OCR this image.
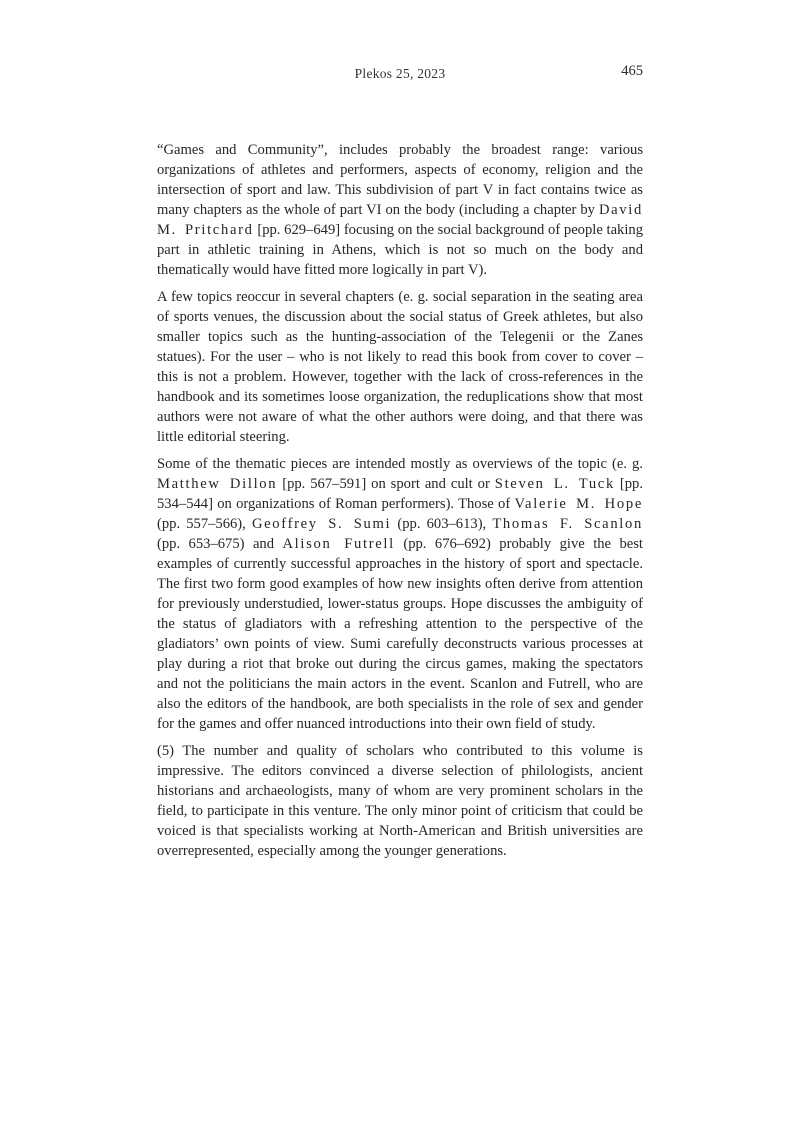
Plekos 25, 2023	465

“Games and Community”, includes probably the broadest range: various organizations of athletes and performers, aspects of economy, religion and the intersection of sport and law. This subdivision of part V in fact contains twice as many chapters as the whole of part VI on the body (including a chapter by David M. Pritchard [pp. 629–649] focusing on the social background of people taking part in athletic training in Athens, which is not so much on the body and thematically would have fitted more logically in part V).

A few topics reoccur in several chapters (e. g. social separation in the seating area of sports venues, the discussion about the social status of Greek athletes, but also smaller topics such as the hunting-association of the Telegenii or the Zanes statues). For the user – who is not likely to read this book from cover to cover – this is not a problem. However, together with the lack of cross-references in the handbook and its sometimes loose organization, the reduplications show that most authors were not aware of what the other authors were doing, and that there was little editorial steering.

Some of the thematic pieces are intended mostly as overviews of the topic (e. g. Matthew Dillon [pp. 567–591] on sport and cult or Steven L. Tuck [pp. 534–544] on organizations of Roman performers). Those of Valerie M. Hope (pp. 557–566), Geoffrey S. Sumi (pp. 603–613), Thomas F. Scanlon (pp. 653–675) and Alison Futrell (pp. 676–692) probably give the best examples of currently successful approaches in the history of sport and spectacle. The first two form good examples of how new insights often derive from attention for previously understudied, lower-status groups. Hope discusses the ambiguity of the status of gladiators with a refreshing attention to the perspective of the gladiators’ own points of view. Sumi carefully deconstructs various processes at play during a riot that broke out during the circus games, making the spectators and not the politicians the main actors in the event. Scanlon and Futrell, who are also the editors of the handbook, are both specialists in the role of sex and gender for the games and offer nuanced introductions into their own field of study.

(5) The number and quality of scholars who contributed to this volume is impressive. The editors convinced a diverse selection of philologists, ancient historians and archaeologists, many of whom are very prominent scholars in the field, to participate in this venture. The only minor point of criticism that could be voiced is that specialists working at North-American and British universities are overrepresented, especially among the younger generations.
